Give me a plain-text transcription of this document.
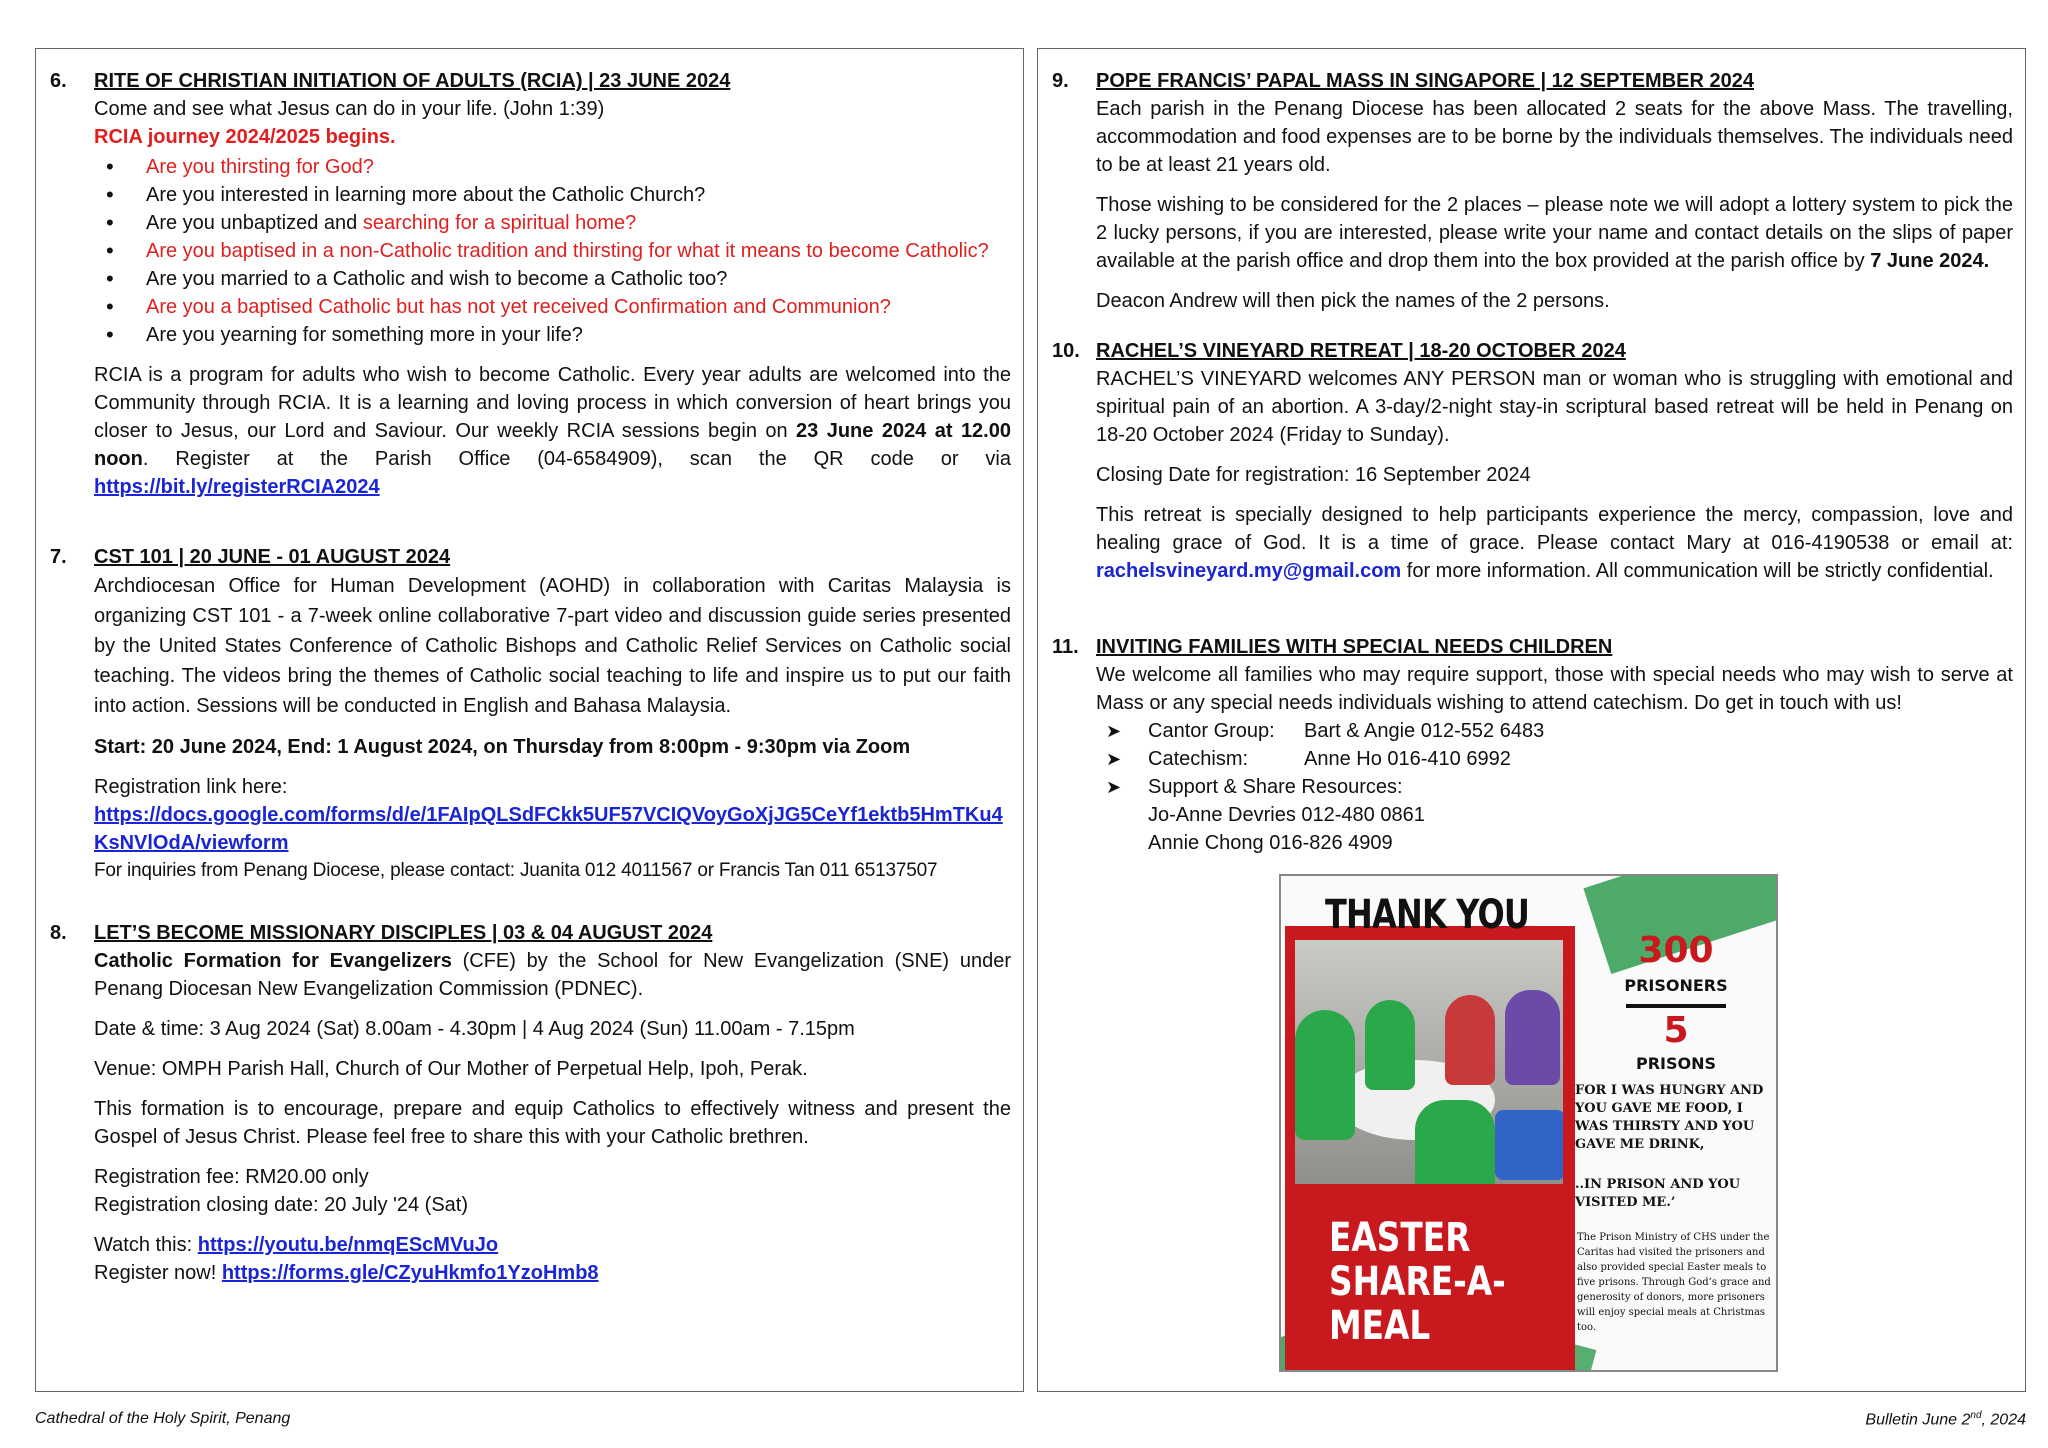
6. RITE OF CHRISTIAN INITIATION OF ADULTS (RCIA) | 23 JUNE 2024

Come and see what Jesus can do in your life. (John 1:39)

RCIA journey 2024/2025 begins.

• Are you thirsting for God?
• Are you interested in learning more about the Catholic Church?
• Are you unbaptized and searching for a spiritual home?
• Are you baptised in a non-Catholic tradition and thirsting for what it means to become Catholic?
• Are you married to a Catholic and wish to become a Catholic too?
• Are you a baptised Catholic but has not yet received Confirmation and Communion?
• Are you yearning for something more in your life?

RCIA is a program for adults who wish to become Catholic. Every year adults are welcomed into the Community through RCIA. It is a learning and loving process in which conversion of heart brings you closer to Jesus, our Lord and Saviour. Our weekly RCIA sessions begin on 23 June 2024 at 12.00 noon. Register at the Parish Office (04-6584909), scan the QR code or via https://bit.ly/registerRCIA2024

7. CST 101 | 20 JUNE - 01 AUGUST 2024

Archdiocesan Office for Human Development (AOHD) in collaboration with Caritas Malaysia is organizing CST 101 - a 7-week online collaborative 7-part video and discussion guide series presented by the United States Conference of Catholic Bishops and Catholic Relief Services on Catholic social teaching. The videos bring the themes of Catholic social teaching to life and inspire us to put our faith into action. Sessions will be conducted in English and Bahasa Malaysia.

Start: 20 June 2024, End: 1 August 2024, on Thursday from 8:00pm - 9:30pm via Zoom

Registration link here:

https://docs.google.com/forms/d/e/1FAIpQLSdFCkk5UF57VCIQVoyGoXjJG5CeYf1ektb5HmTKu4KsNVlOdA/viewform

For inquiries from Penang Diocese, please contact: Juanita 012 4011567 or Francis Tan 011 65137507

8. LET’S BECOME MISSIONARY DISCIPLES | 03 & 04 AUGUST 2024

Catholic Formation for Evangelizers (CFE) by the School for New Evangelization (SNE) under Penang Diocesan New Evangelization Commission (PDNEC).

Date & time: 3 Aug 2024 (Sat) 8.00am - 4.30pm | 4 Aug 2024 (Sun) 11.00am - 7.15pm

Venue: OMPH Parish Hall, Church of Our Mother of Perpetual Help, Ipoh, Perak.

This formation is to encourage, prepare and equip Catholics to effectively witness and present the Gospel of Jesus Christ. Please feel free to share this with your Catholic brethren.

Registration fee: RM20.00 only

Registration closing date: 20 July '24 (Sat)

Watch this: https://youtu.be/nmqEScMVuJo

Register now! https://forms.gle/CZyuHkmfo1YzoHmb8

9. POPE FRANCIS’ PAPAL MASS IN SINGAPORE | 12 SEPTEMBER 2024

Each parish in the Penang Diocese has been allocated 2 seats for the above Mass. The travelling, accommodation and food expenses are to be borne by the individuals themselves. The individuals need to be at least 21 years old.

Those wishing to be considered for the 2 places – please note we will adopt a lottery system to pick the 2 lucky persons, if you are interested, please write your name and contact details on the slips of paper available at the parish office and drop them into the box provided at the parish office by 7 June 2024.

Deacon Andrew will then pick the names of the 2 persons.

10. RACHEL’S VINEYARD RETREAT | 18-20 OCTOBER 2024

RACHEL’S VINEYARD welcomes ANY PERSON man or woman who is struggling with emotional and spiritual pain of an abortion. A 3-day/2-night stay-in scriptural based retreat will be held in Penang on 18-20 October 2024 (Friday to Sunday).

Closing Date for registration: 16 September 2024

This retreat is specially designed to help participants experience the mercy, compassion, love and healing grace of God. It is a time of grace. Please contact Mary at 016-4190538 or email at: rachelsvineyard.my@gmail.com for more information. All communication will be strictly confidential.

11. INVITING FAMILIES WITH SPECIAL NEEDS CHILDREN

We welcome all families who may require support, those with special needs who may wish to serve at Mass or any special needs individuals wishing to attend catechism. Do get in touch with us!

➤ Cantor Group: Bart & Angie 012-552 6483
➤ Catechism:	Anne Ho 016-410 6992
➤ Support & Share Resources:
Jo-Anne Devries 012-480 0861
Annie Chong 016-826 4909
THANK YOU
300
PRISONERS
5
PRISONS
FOR I WAS HUNGRY AND YOU GAVE ME FOOD, I WAS THIRSTY AND YOU GAVE ME DRINK,
..IN PRISON AND YOU VISITED ME.’
The Prison Ministry of CHS under the Caritas had visited the prisoners and also provided special Easter meals to five prisons. Through God’s grace and generosity of donors, more prisoners will enjoy special meals at Christmas too.
EASTER SHARE-A-MEAL
Cathedral of the Holy Spirit, Penang	Bulletin June 2nd, 2024
